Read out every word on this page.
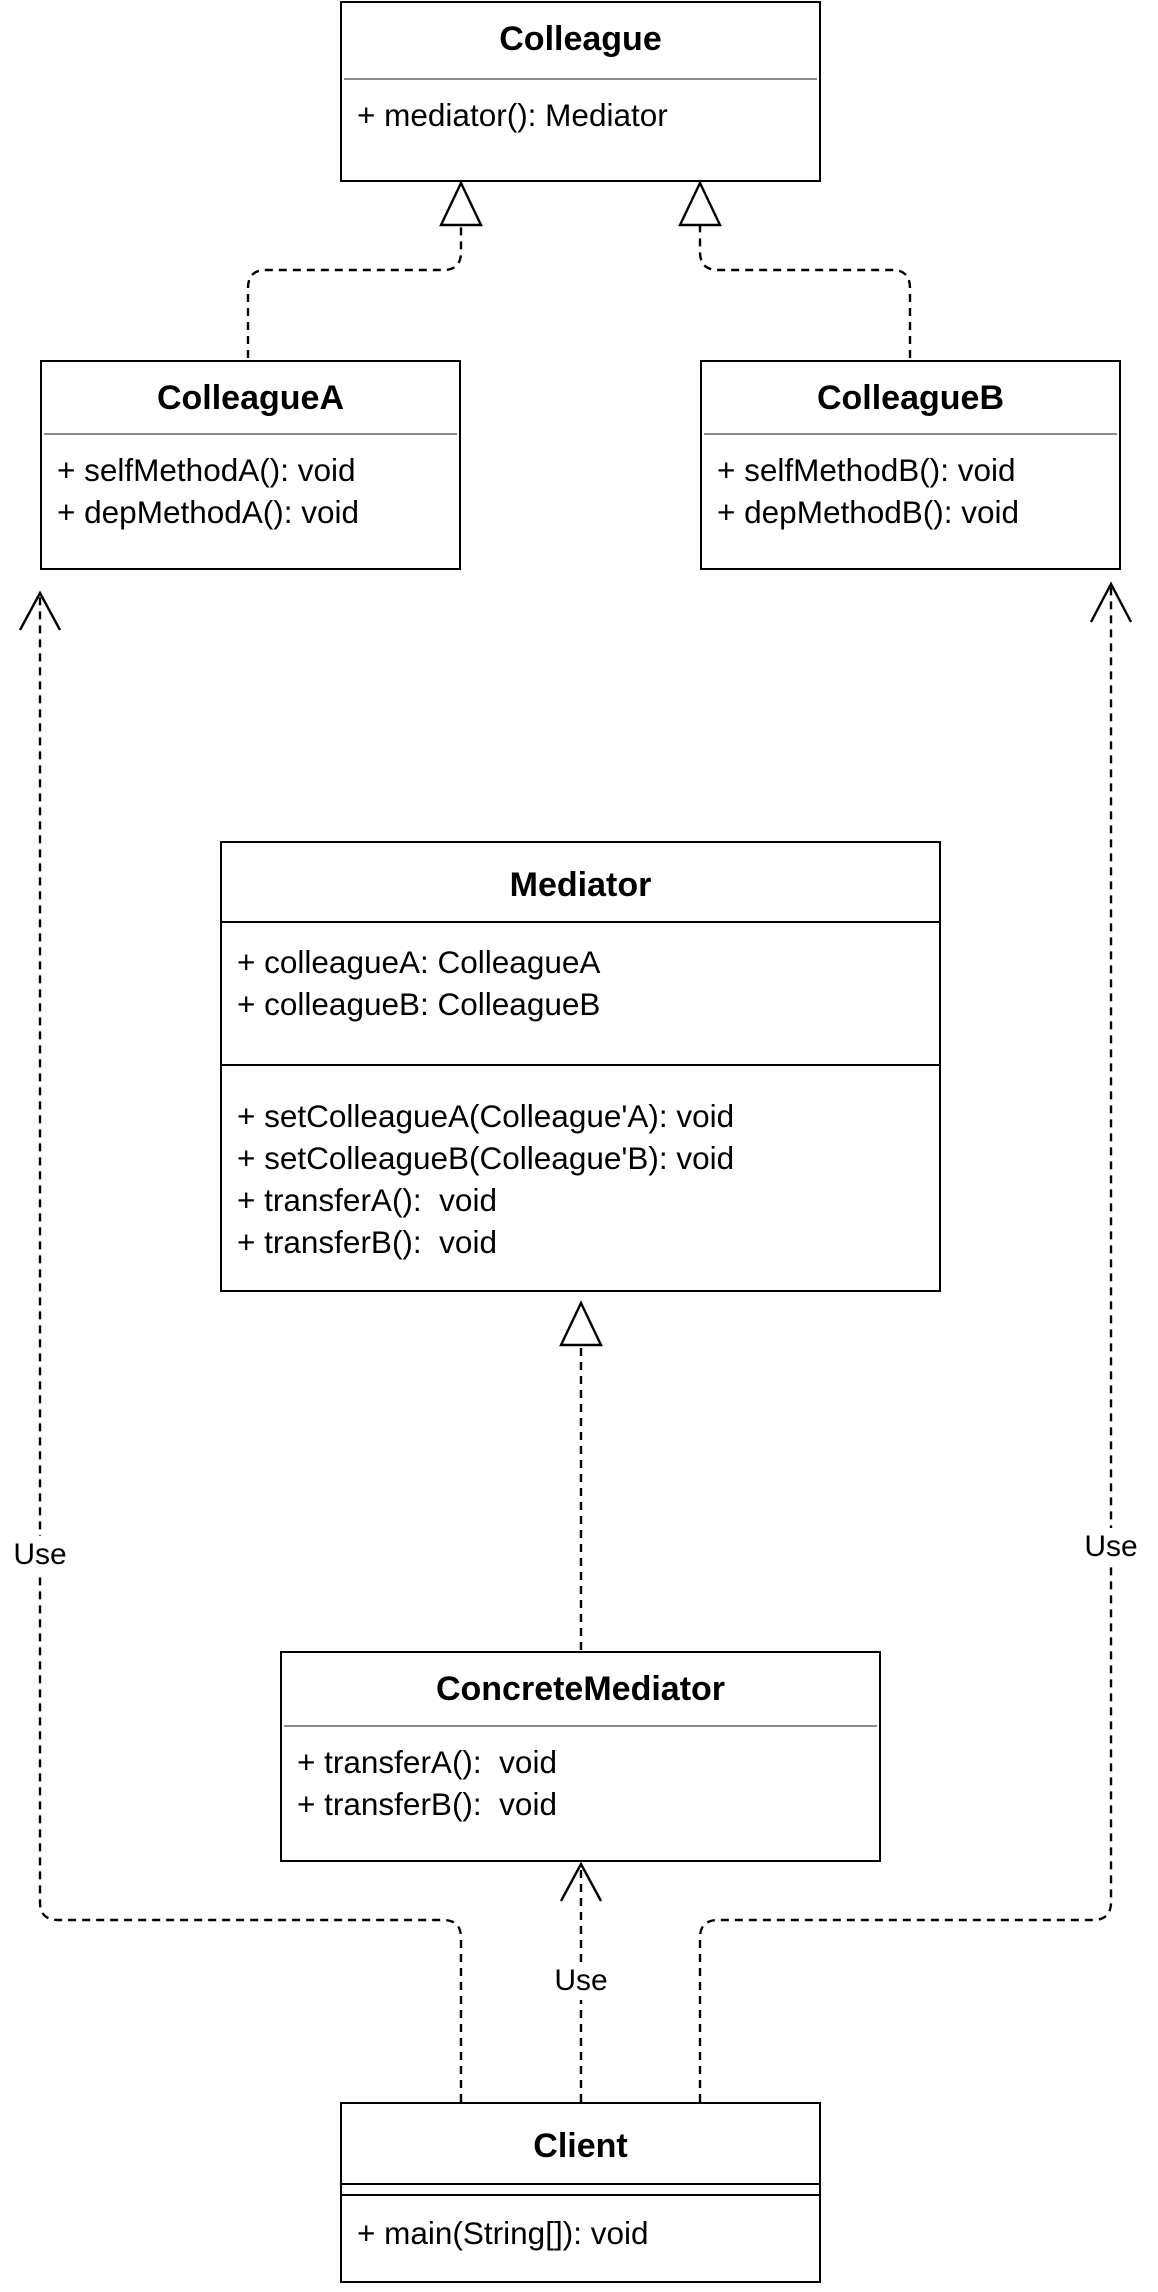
Use	Use
Use
Colleague
+ mediator(): Mediator
ColleagueA
+ selfMethodA(): void
+ depMethodA(): void
ColleagueB
+ selfMethodB(): void
+ depMethodB(): void
Mediator
+ colleagueA: ColleagueA
+ colleagueB: ColleagueB
+ setColleagueA(Colleague'A): void
+ setColleagueB(Colleague'B): void
+ transferA():  void
+ transferB():  void
ConcreteMediator
+ transferA():  void
+ transferB():  void
Client
+ main(String[]): void
